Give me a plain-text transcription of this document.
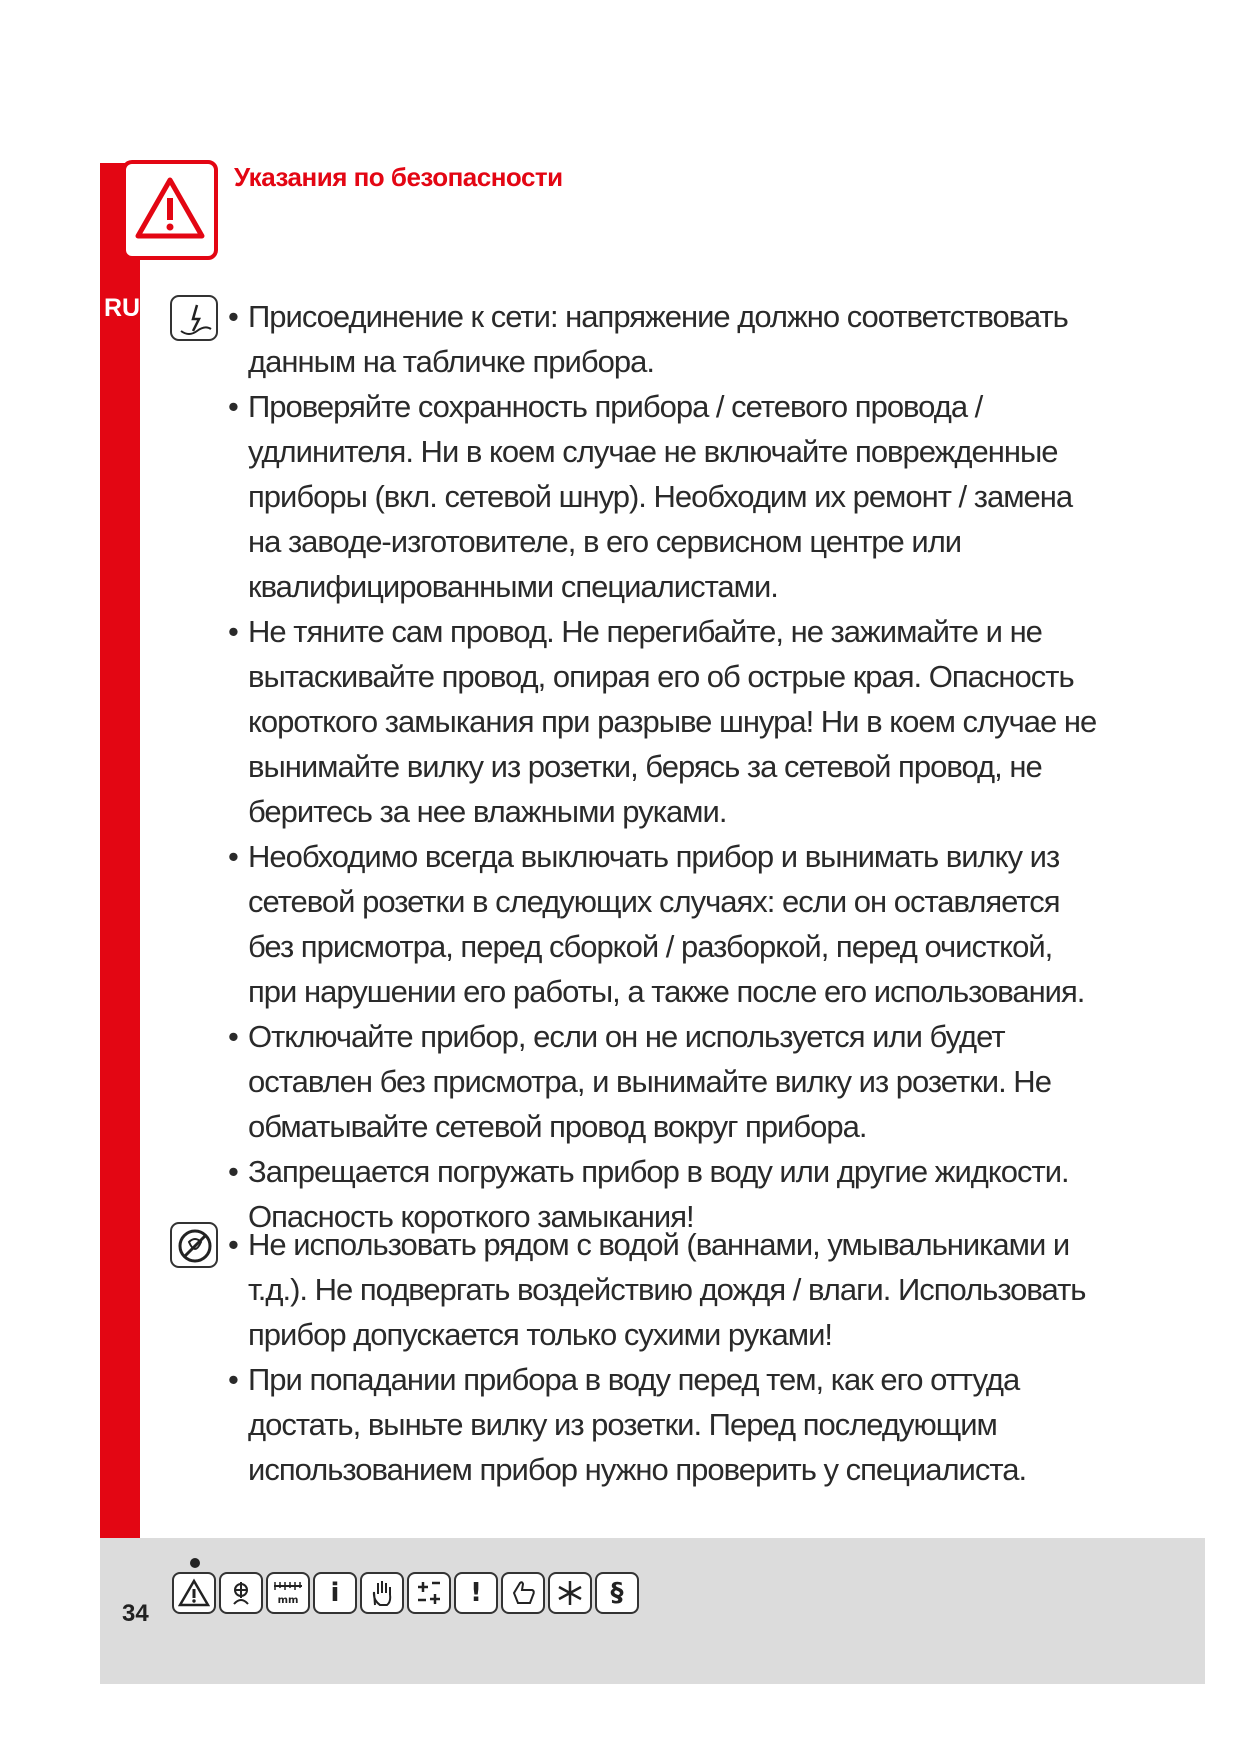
Указания по безопасности
RU
•	Присоединение к сети: напряжение должно соответствовать данным на табличке прибора.
• Проверяйте сохранность прибора / сетевого провода / удлинителя. Ни в коем случае не включайте поврежденные приборы (вкл. сетевой шнур). Необходим их ремонт / замена на заводе-изготовителе, в его сервисном центре или квалифицированными специалистами.
• Не тяните сам провод. Не перегибайте, не зажимайте и не вытаскивайте провод, опирая его об острые края. Опасность короткого замыкания при разрыве шнура! Ни в коем случае не вынимайте вилку из розетки, берясь за сетевой провод, не беритесь за нее влажными руками.
• Необходимо всегда выключать прибор и вынимать вилку из сетевой розетки в следующих случаях: если он оставляется без присмотра, перед сборкой / разборкой, перед очисткой, при нарушении его работы, а также после его использования.
• Отключайте прибор, если он не используется или будет оставлен без присмотра, и вынимайте вилку из розетки. Не обматывайте сетевой провод вокруг прибора.
• Запрещается погружать прибор в воду или другие жидкости. Опасность короткого замыкания!
• Не использовать рядом с водой (ваннами, умывальниками и т.д.). Не подвергать воздействию дождя / влаги. Использовать прибор допускается только сухими руками!
• При попадании прибора в воду перед тем, как его оттуда достать, выньте вилку из розетки. Перед последующим использованием прибор нужно проверить у специалиста.
34	mm i	!	§
